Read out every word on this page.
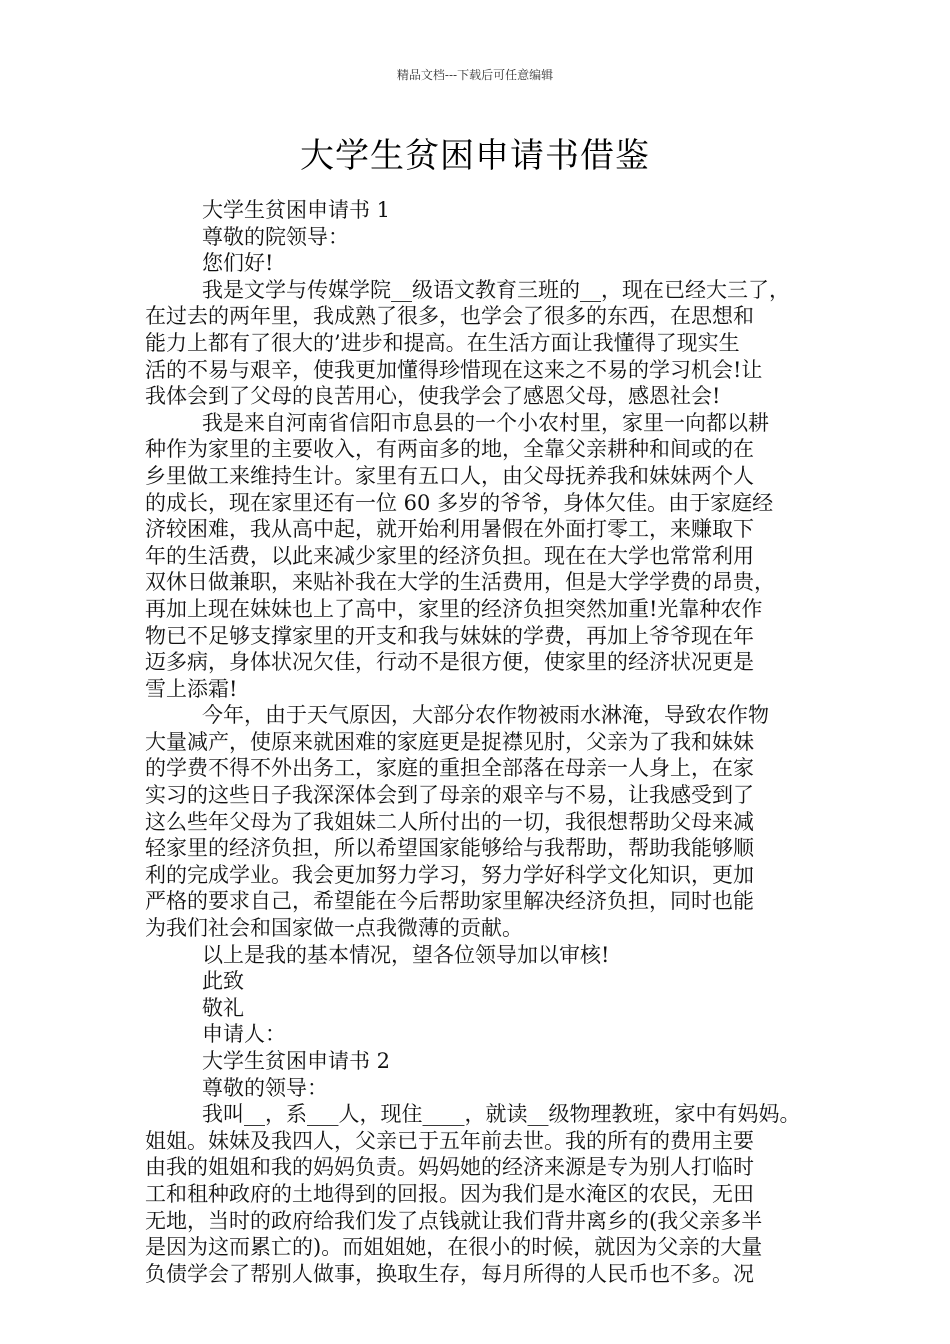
精品文档---下载后可任意编辑
大学生贫困申请书借鉴
大学生贫困申请书 1
尊敬的院领导：
您们好!
我是文学与传媒学院__级语文教育三班的__，现在已经大三了，
在过去的两年里，我成熟了很多，也学会了很多的东西，在思想和
能力上都有了很大的’进步和提高。在生活方面让我懂得了现实生
活的不易与艰辛，使我更加懂得珍惜现在这来之不易的学习机会!让
我体会到了父母的良苦用心，使我学会了感恩父母，感恩社会!
我是来自河南省信阳市息县的一个小农村里，家里一向都以耕
种作为家里的主要收入，有两亩多的地，全靠父亲耕种和间或的在
乡里做工来维持生计。家里有五口人，由父母抚养我和妹妹两个人
的成长，现在家里还有一位 60 多岁的爷爷，身体欠佳。由于家庭经
济较困难，我从高中起，就开始利用暑假在外面打零工，来赚取下
年的生活费，以此来减少家里的经济负担。现在在大学也常常利用
双休日做兼职，来贴补我在大学的生活费用，但是大学学费的昂贵，
再加上现在妹妹也上了高中，家里的经济负担突然加重!光靠种农作
物已不足够支撑家里的开支和我与妹妹的学费，再加上爷爷现在年
迈多病，身体状况欠佳，行动不是很方便，使家里的经济状况更是
雪上添霜!
今年，由于天气原因，大部分农作物被雨水淋淹，导致农作物
大量减产，使原来就困难的家庭更是捉襟见肘，父亲为了我和妹妹
的学费不得不外出务工，家庭的重担全部落在母亲一人身上，在家
实习的这些日子我深深体会到了母亲的艰辛与不易，让我感受到了
这么些年父母为了我姐妹二人所付出的一切，我很想帮助父母来减
轻家里的经济负担，所以希望国家能够给与我帮助，帮助我能够顺
利的完成学业。我会更加努力学习，努力学好科学文化知识，更加
严格的要求自己，希望能在今后帮助家里解决经济负担，同时也能
为我们社会和国家做一点我微薄的贡献。
以上是我的基本情况，望各位领导加以审核!
此致
敬礼
申请人：
大学生贫困申请书 2
尊敬的领导：
我叫__，系___人，现住____，就读__级物理教班，家中有妈妈。
姐姐。妹妹及我四人，父亲已于五年前去世。我的所有的费用主要
由我的姐姐和我的妈妈负责。妈妈她的经济来源是专为别人打临时
工和租种政府的土地得到的回报。因为我们是水淹区的农民，无田
无地，当时的政府给我们发了点钱就让我们背井离乡的(我父亲多半
是因为这而累亡的)。而姐姐她，在很小的时候，就因为父亲的大量
负债学会了帮别人做事，换取生存，每月所得的人民币也不多。况
